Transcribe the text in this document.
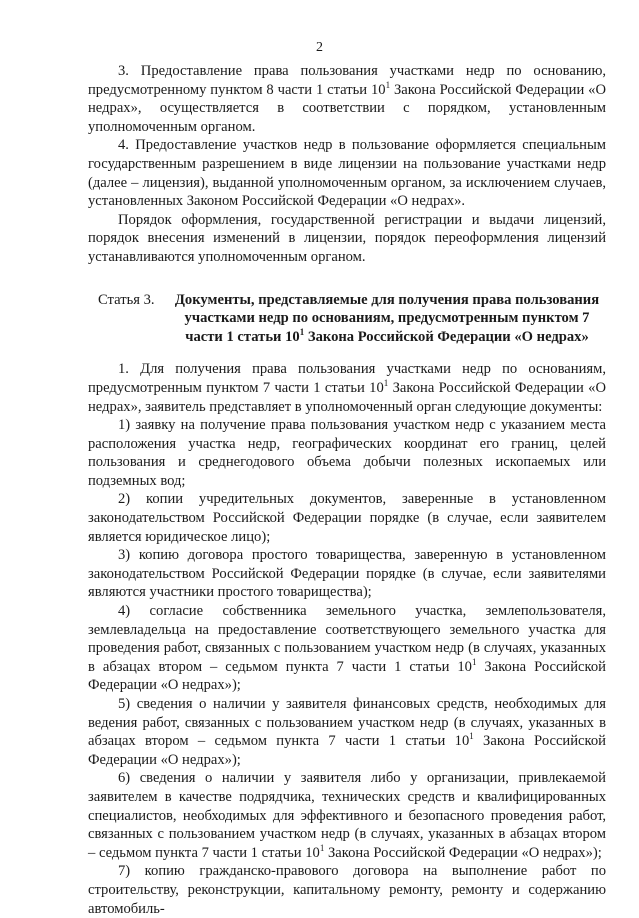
2

3. Предоставление права пользования участками недр по основанию, предусмотренному пунктом 8 части 1 статьи $10^1$ Закона Российской Федерации «О недрах», осуществляется в соответствии с порядком, установленным уполномоченным органом.

4. Предоставление участков недр в пользование оформляется специальным государственным разрешением в виде лицензии на пользование участками недр (далее – лицензия), выданной уполномоченным органом, за исключением случаев, установленных Законом Российской Федерации «О недрах».

Порядок оформления, государственной регистрации и выдачи лицензий, порядок внесения изменений в лицензии, порядок переоформления лицензий устанавливаются уполномоченным органом.

Статья 3.	Документы, представляемые для получения права пользования участками недр по основаниям, предусмотренным пунктом 7 части 1 статьи $10^1$ Закона Российской Федерации «О недрах»

1. Для получения права пользования участками недр по основаниям, предусмотренным пунктом 7 части 1 статьи $10^1$ Закона Российской Федерации «О недрах», заявитель представляет в уполномоченный орган следующие документы:

1) заявку на получение права пользования участком недр с указанием места расположения участка недр, географических координат его границ, целей пользования и среднегодового объема добычи полезных ископаемых или подземных вод;

2) копии учредительных документов, заверенные в установленном законодательством Российской Федерации порядке (в случае, если заявителем является юридическое лицо);

3) копию договора простого товарищества, заверенную в установленном законодательством Российской Федерации порядке (в случае, если заявителями являются участники простого товарищества);

4) согласие собственника земельного участка, землепользователя, землевладельца на предоставление соответствующего земельного участка для проведения работ, связанных с пользованием участком недр (в случаях, указанных в абзацах втором – седьмом пункта 7 части 1 статьи $10^1$ Закона Российской Федерации «О недрах»);

5) сведения о наличии у заявителя финансовых средств, необходимых для ведения работ, связанных с пользованием участком недр (в случаях, указанных в абзацах втором – седьмом пункта 7 части 1 статьи $10^1$ Закона Российской Федерации «О недрах»);

6) сведения о наличии у заявителя либо у организации, привлекаемой заявителем в качестве подрядчика, технических средств и квалифицированных специалистов, необходимых для эффективного и безопасного проведения работ, связанных с пользованием участком недр (в случаях, указанных в абзацах втором – седьмом пункта 7 части 1 статьи $10^1$ Закона Российской Федерации «О недрах»);

7) копию гражданско-правового договора на выполнение работ по строительству, реконструкции, капитальному ремонту, ремонту и содержанию автомобиль-
